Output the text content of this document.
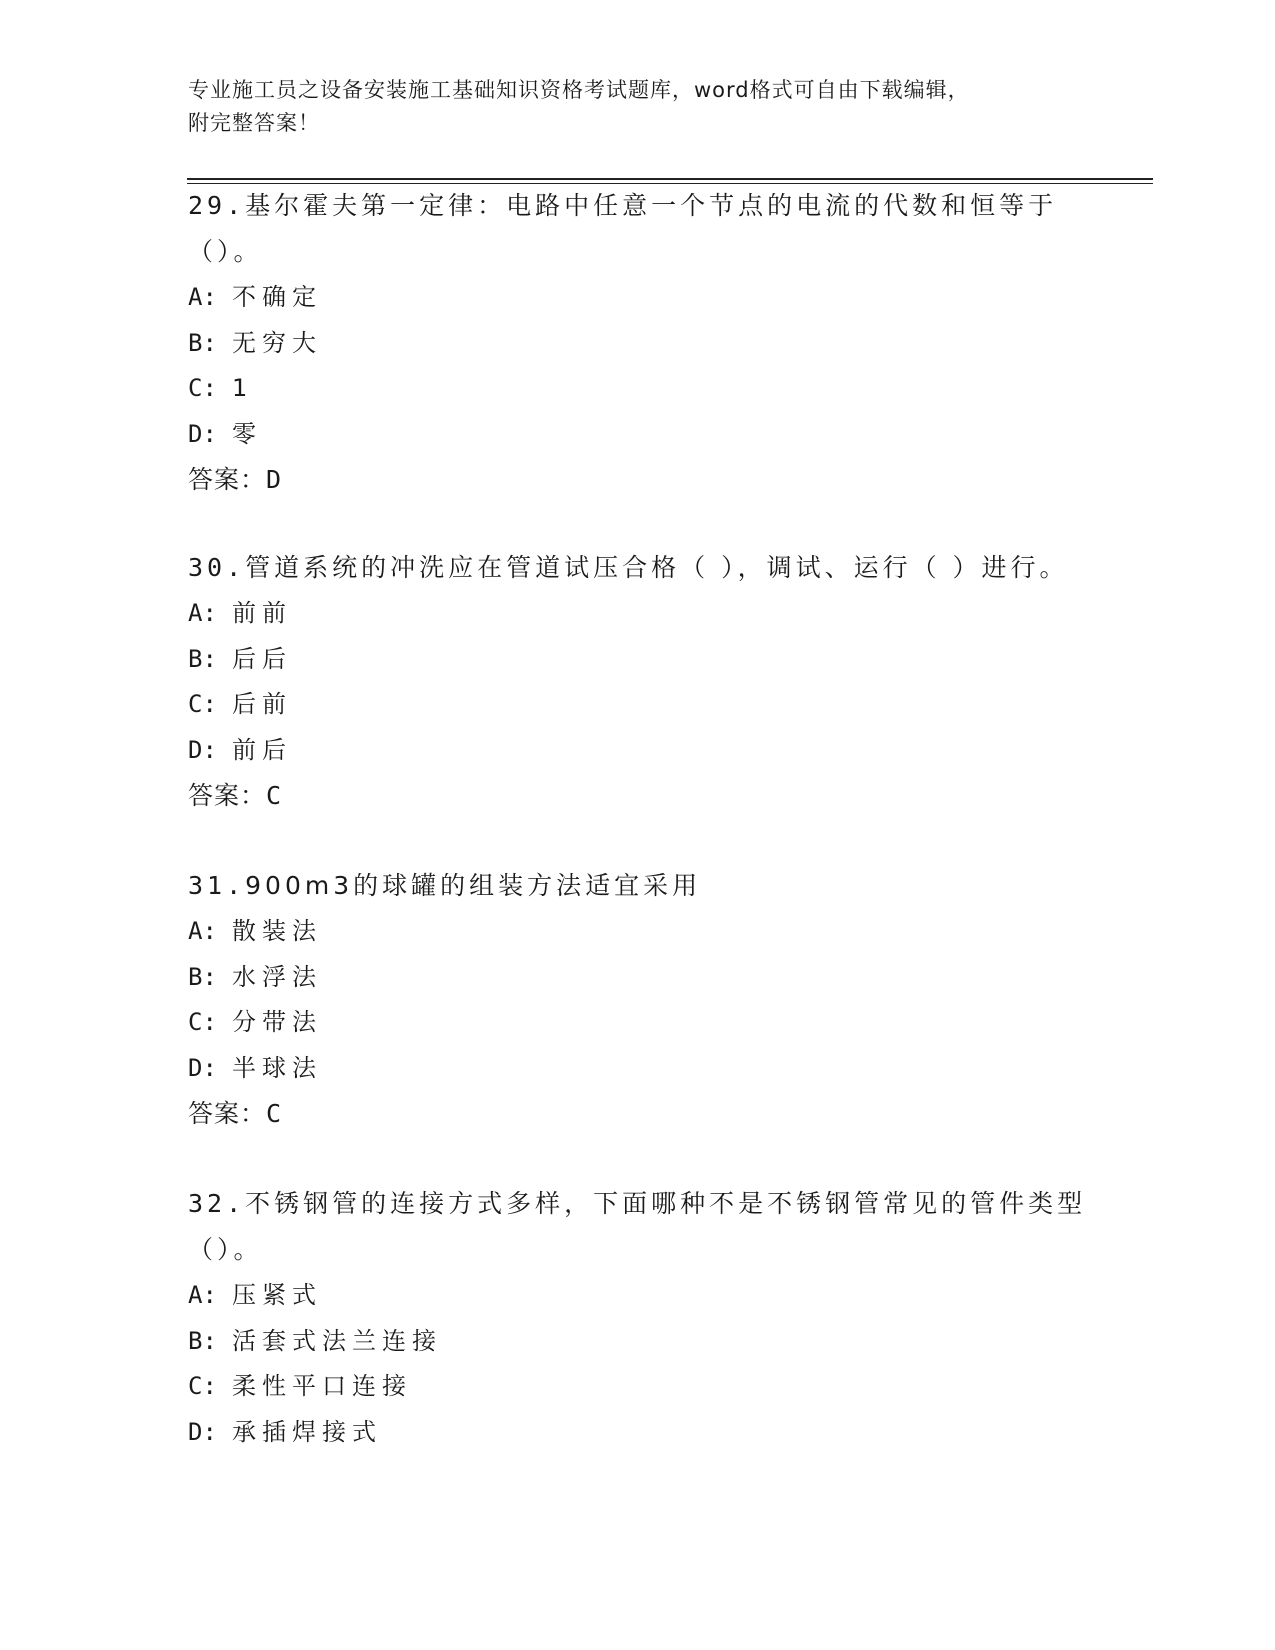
专业施工员之设备安装施工基础知识资格考试题库，word格式可自由下载编辑，
附完整答案！

29.基尔霍夫第一定律：电路中任意一个节点的电流的代数和恒等于（）。

A: 不确定
B: 无穷大
C: 1
D: 零
答案：D

30.管道系统的冲洗应在管道试压合格（ ），调试、运行（ ）进行。

A: 前前
B: 后后
C: 后前
D: 前后
答案：C

31.900m3的球罐的组装方法适宜采用

A: 散装法
B: 水浮法
C: 分带法
D: 半球法
答案：C

32.不锈钢管的连接方式多样，下面哪种不是不锈钢管常见的管件类型（）。

A: 压紧式
B: 活套式法兰连接
C: 柔性平口连接
D: 承插焊接式
